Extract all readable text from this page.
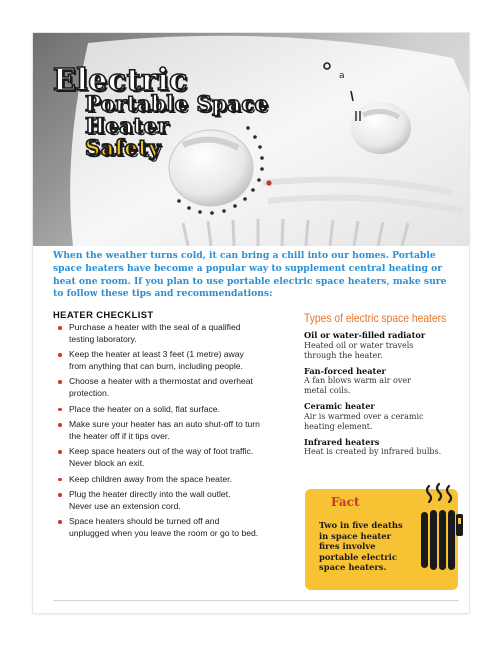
a
Electric
Portable Space
Heater
Safety

When the weather turns cold, it can bring a chill into our homes. Portable space heaters have become a popular way to supplement central heating or heat one room. If you plan to use portable electric space heaters, make sure to follow these tips and recommendations:

HEATER CHECKLIST
Purchase a heater with the seal of a qualified
testing laboratory.
Keep the heater at least 3 feet (1 metre) away
from anything that can burn, including people.
Choose a heater with a thermostat and overheat
protection.
Place the heater on a solid, flat surface.
Make sure your heater has an auto shut-off to turn
the heater off if it tips over.
Keep space heaters out of the way of foot traffic.
Never block an exit.
Keep children away from the space heater.
Plug the heater directly into the wall outlet.
Never use an extension cord.
Space heaters should be turned off and
unplugged when you leave the room or go to bed.
Types of electric space heaters
Oil or water-filled radiator
Heated oil or water travels
through the heater.
Fan-forced heater
A fan blows warm air over
metal coils.
Ceramic heater
Air is warmed over a ceramic
heating element.
Infrared heaters
Heat is created by infrared bulbs.
Fact

Two in five deaths
in space heater
fires involve
portable electric
space heaters.

NFPA
